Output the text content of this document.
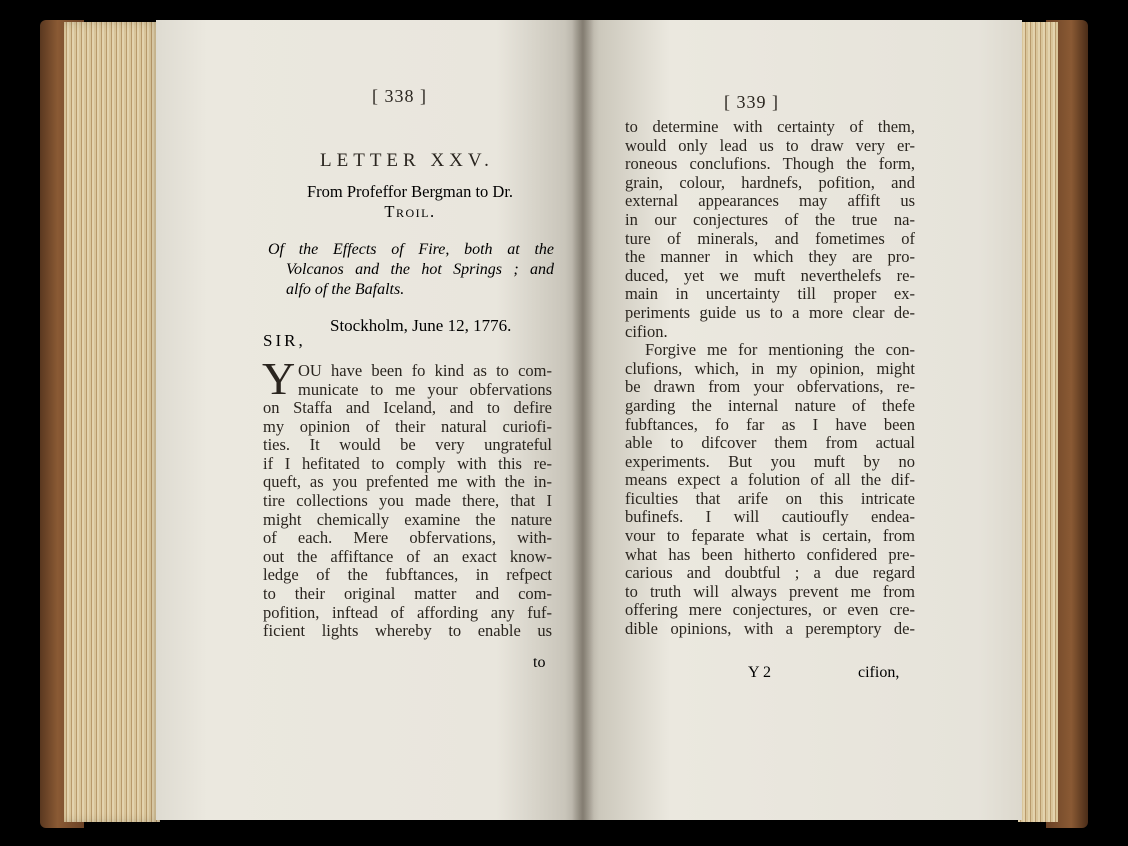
[ 338 ]
LETTER XXV.
From Profeffor Bergman to Dr.
Troil.
Of the Effects of Fire, both at the
Volcanos and the hot Springs ; and
alfo of the Bafalts.
Stockholm, June 12, 1776.
SIR,
Y OU have been fo kind as to com-
municate to me your obfervations
on Staffa and Iceland, and to defire
my opinion of their natural curiofi-
ties. It would be very ungrateful
if I hefitated to comply with this re-
queft, as you prefented me with the in-
tire collections you made there, that I
might chemically examine the nature
of each. Mere obfervations, with-
out the affiftance of an exact know-
ledge of the fubftances, in refpect
to their original matter and com-
pofition, inftead of affording any fuf-
ficient lights whereby to enable us
to
[ 339 ]
to determine with certainty of them,
would only lead us to draw very er-
roneous conclufions. Though the form,
grain, colour, hardnefs, pofition, and
external appearances may affift us
in our conjectures of the true na-
ture of minerals, and fometimes of
the manner in which they are pro-
duced, yet we muft neverthelefs re-
main in uncertainty till proper ex-
periments guide us to a more clear de-
cifion.
Forgive me for mentioning the con-
clufions, which, in my opinion, might
be drawn from your obfervations, re-
garding the internal nature of thefe
fubftances, fo far as I have been
able to difcover them from actual
experiments. But you muft by no
means expect a folution of all the dif-
ficulties that arife on this intricate
bufinefs. I will cautioufly endea-
vour to feparate what is certain, from
what has been hitherto confidered pre-
carious and doubtful ; a due regard
to truth will always prevent me from
offering mere conjectures, or even cre-
dible opinions, with a peremptory de-
Y 2	cifion,
